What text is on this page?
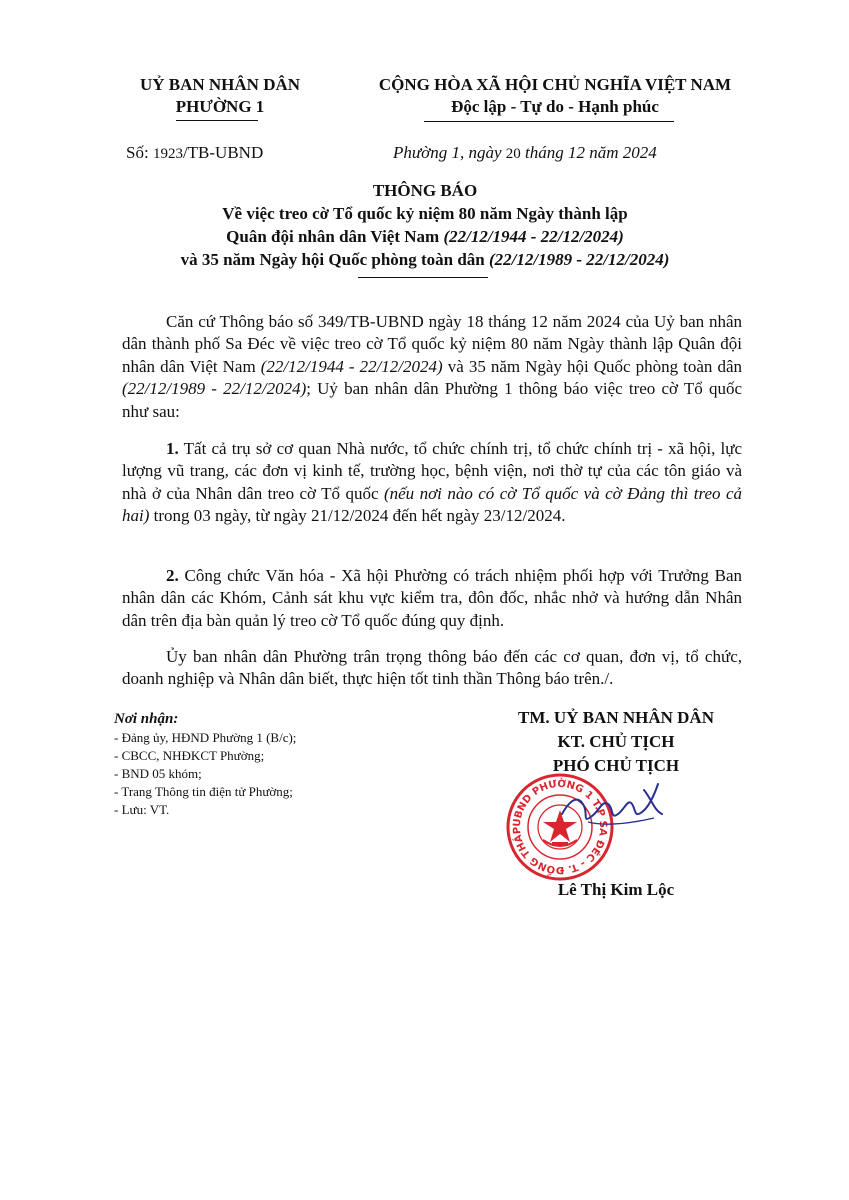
UỶ BAN NHÂN DÂN
PHƯỜNG 1
CỘNG HÒA XÃ HỘI CHỦ NGHĨA VIỆT NAM
Độc lập - Tự do - Hạnh phúc
Số: 1923/TB-UBND	Phường 1, ngày 20 tháng 12 năm 2024
THÔNG BÁO
Về việc treo cờ Tổ quốc kỷ niệm 80 năm Ngày thành lập
Quân đội nhân dân Việt Nam (22/12/1944 - 22/12/2024)
và 35 năm Ngày hội Quốc phòng toàn dân (22/12/1989 - 22/12/2024)

Căn cứ Thông báo số 349/TB-UBND ngày 18 tháng 12 năm 2024 của Uỷ ban nhân dân thành phố Sa Đéc về việc treo cờ Tổ quốc kỷ niệm 80 năm Ngày thành lập Quân đội nhân dân Việt Nam (22/12/1944 - 22/12/2024) và 35 năm Ngày hội Quốc phòng toàn dân (22/12/1989 - 22/12/2024); Uỷ ban nhân dân Phường 1 thông báo việc treo cờ Tổ quốc như sau:

1. Tất cả trụ sở cơ quan Nhà nước, tổ chức chính trị, tổ chức chính trị - xã hội, lực lượng vũ trang, các đơn vị kinh tế, trường học, bệnh viện, nơi thờ tự của các tôn giáo và nhà ở của Nhân dân treo cờ Tổ quốc (nếu nơi nào có cờ Tổ quốc và cờ Đảng thì treo cả hai) trong 03 ngày, từ ngày 21/12/2024 đến hết ngày 23/12/2024.

2. Công chức Văn hóa - Xã hội Phường có trách nhiệm phối hợp với Trưởng Ban nhân dân các Khóm, Cảnh sát khu vực kiểm tra, đôn đốc, nhắc nhở và hướng dẫn Nhân dân trên địa bàn quản lý treo cờ Tổ quốc đúng quy định.

Ủy ban nhân dân Phường trân trọng thông báo đến các cơ quan, đơn vị, tổ chức, doanh nghiệp và Nhân dân biết, thực hiện tốt tinh thần Thông báo trên./.

Nơi nhận:
- Đảng ủy, HĐND Phường 1 (B/c);
- CBCC, NHĐKCT Phường;
- BND 05 khóm;
- Trang Thông tin điện tử Phường;
- Lưu: VT.
TM. UỶ BAN NHÂN DÂN
KT. CHỦ TỊCH
PHÓ CHỦ TỊCH
UBND PHƯỜNG 1 T.P SA ĐÉC - T. ĐỒNG THÁP
Lê Thị Kim Lộc
